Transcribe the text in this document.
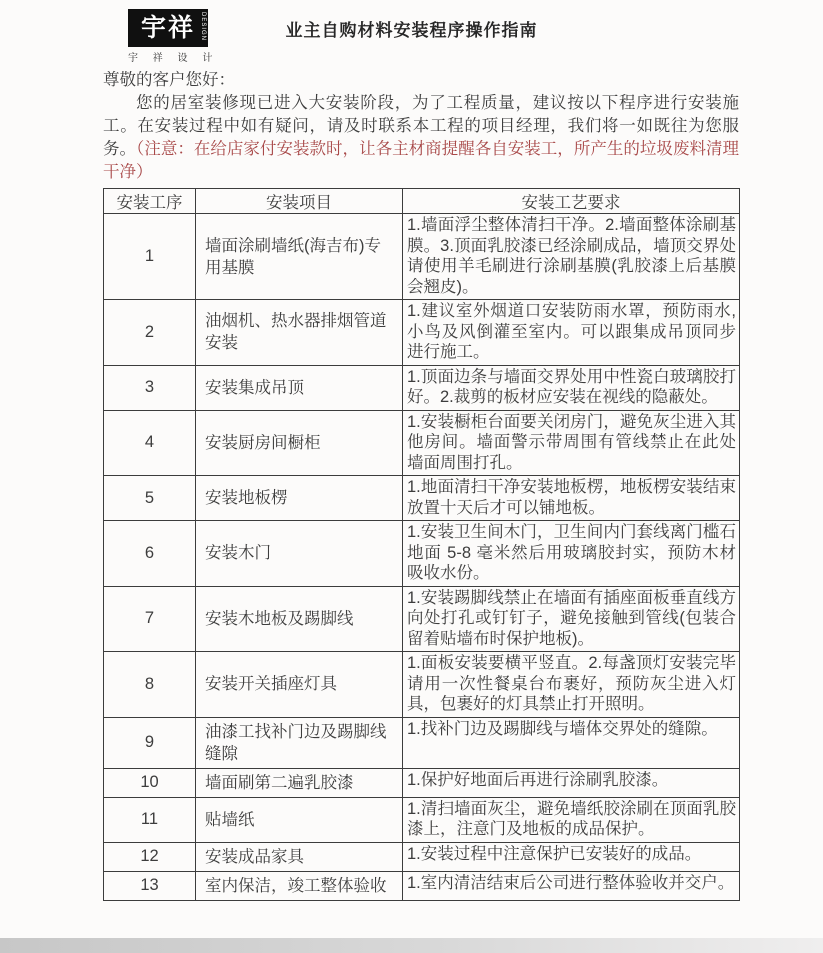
宇祥 DESIGN
宇 祥 设 计
业主自购材料安装程序操作指南

尊敬的客户您好：

您的居室装修现已进入大安装阶段，为了工程质量，建议按以下程序进行安装施工。在安装过程中如有疑问，请及时联系本工程的项目经理，我们将一如既往为您服务。（注意：在给店家付安装款时，让各主材商提醒各自安装工，所产生的垃圾废料清理干净）

安装工序	安装项目	安装工艺要求
1	墙面涂刷墙纸(海吉布)专用基膜	1.墙面浮尘整体清扫干净。2.墙面整体涂刷基膜。3.顶面乳胶漆已经涂刷成品，墙顶交界处请使用羊毛刷进行涂刷基膜(乳胶漆上后基膜会翘皮)。
2	油烟机、热水器排烟管道安装	1.建议室外烟道口安装防雨水罩，预防雨水,小鸟及风倒灌至室内。可以跟集成吊顶同步进行施工。
3	安装集成吊顶	1.顶面边条与墙面交界处用中性瓷白玻璃胶打好。2.裁剪的板材应安装在视线的隐蔽处。
4	安装厨房间橱柜	1.安装橱柜台面要关闭房门，避免灰尘进入其他房间。墙面警示带周围有管线禁止在此处墙面周围打孔。
5	安装地板楞	1.地面清扫干净安装地板楞，地板楞安装结束放置十天后才可以铺地板。
6	安装木门	1.安装卫生间木门，卫生间内门套线离门槛石地面 5-8 毫米然后用玻璃胶封实，预防木材吸收水份。
7	安装木地板及踢脚线	1.安装踢脚线禁止在墙面有插座面板垂直线方向处打孔或钉钉子，避免接触到管线(包装合留着贴墙布时保护地板)。
8	安装开关插座灯具	1.面板安装要横平竖直。2.每盏顶灯安装完毕请用一次性餐桌台布裹好，预防灰尘进入灯具，包裹好的灯具禁止打开照明。
9	油漆工找补门边及踢脚线缝隙	1.找补门边及踢脚线与墙体交界处的缝隙。
10	墙面刷第二遍乳胶漆	1.保护好地面后再进行涂刷乳胶漆。
11	贴墙纸	1.清扫墙面灰尘，避免墙纸胶涂刷在顶面乳胶漆上，注意门及地板的成品保护。
12	安装成品家具	1.安装过程中注意保护已安装好的成品。
13	室内保洁，竣工整体验收	1.室内清洁结束后公司进行整体验收并交户。
